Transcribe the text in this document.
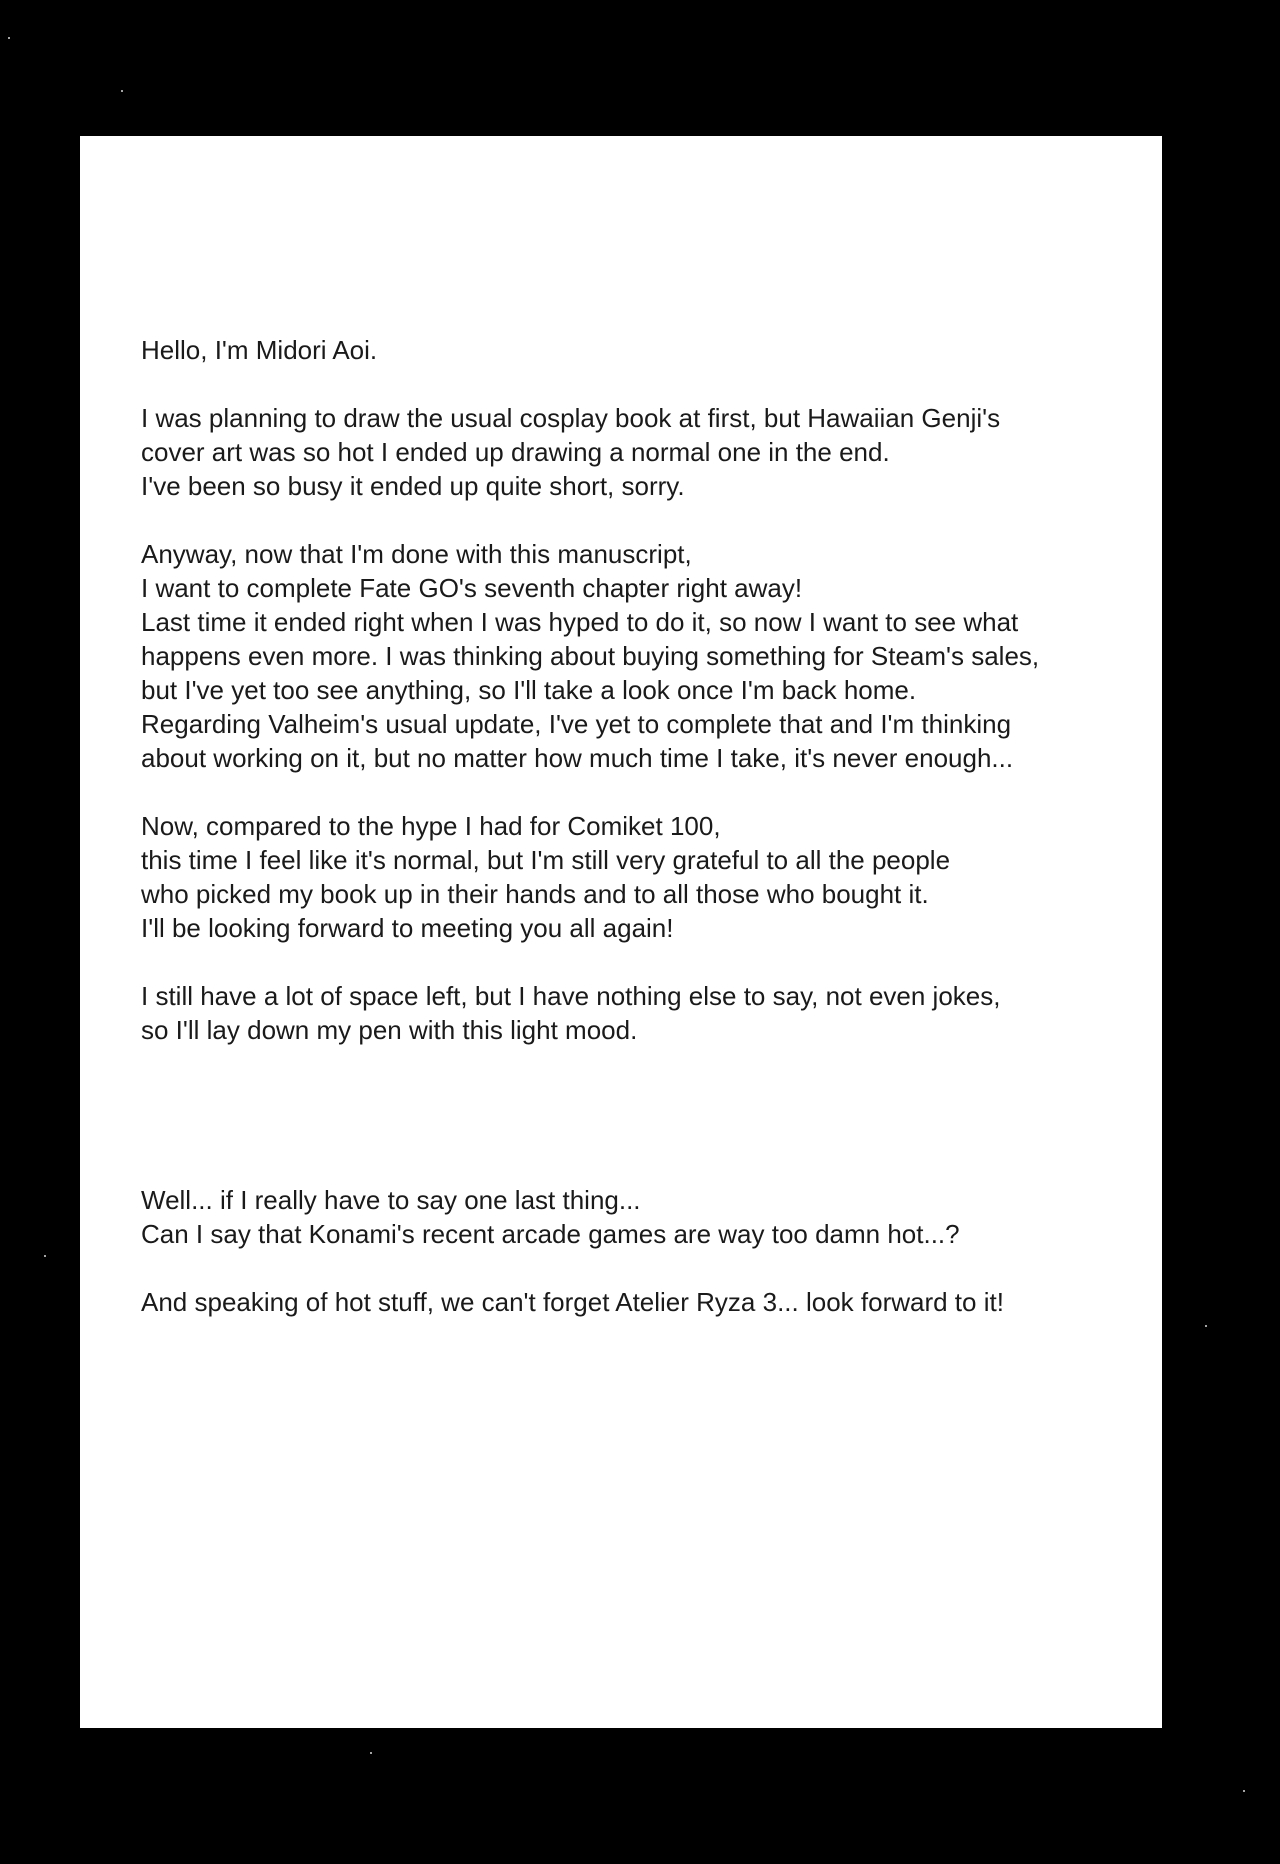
Hello, I'm Midori Aoi.

I was planning to draw the usual cosplay book at first, but Hawaiian Genji's
cover art was so hot I ended up drawing a normal one in the end.
I've been so busy it ended up quite short, sorry.

Anyway, now that I'm done with this manuscript,
I want to complete Fate GO's seventh chapter right away!
Last time it ended right when I was hyped to do it, so now I want to see what
happens even more. I was thinking about buying something for Steam's sales,
but I've yet too see anything, so I'll take a look once I'm back home.
Regarding Valheim's usual update, I've yet to complete that and I'm thinking
about working on it, but no matter how much time I take, it's never enough...

Now, compared to the hype I had for Comiket 100,
this time I feel like it's normal, but I'm still very grateful to all the people
who picked my book up in their hands and to all those who bought it.
I'll be looking forward to meeting you all again!

I still have a lot of space left, but I have nothing else to say, not even jokes,
so I'll lay down my pen with this light mood.

Well... if I really have to say one last thing...
Can I say that Konami's recent arcade games are way too damn hot...?

And speaking of hot stuff, we can't forget Atelier Ryza 3... look forward to it!
